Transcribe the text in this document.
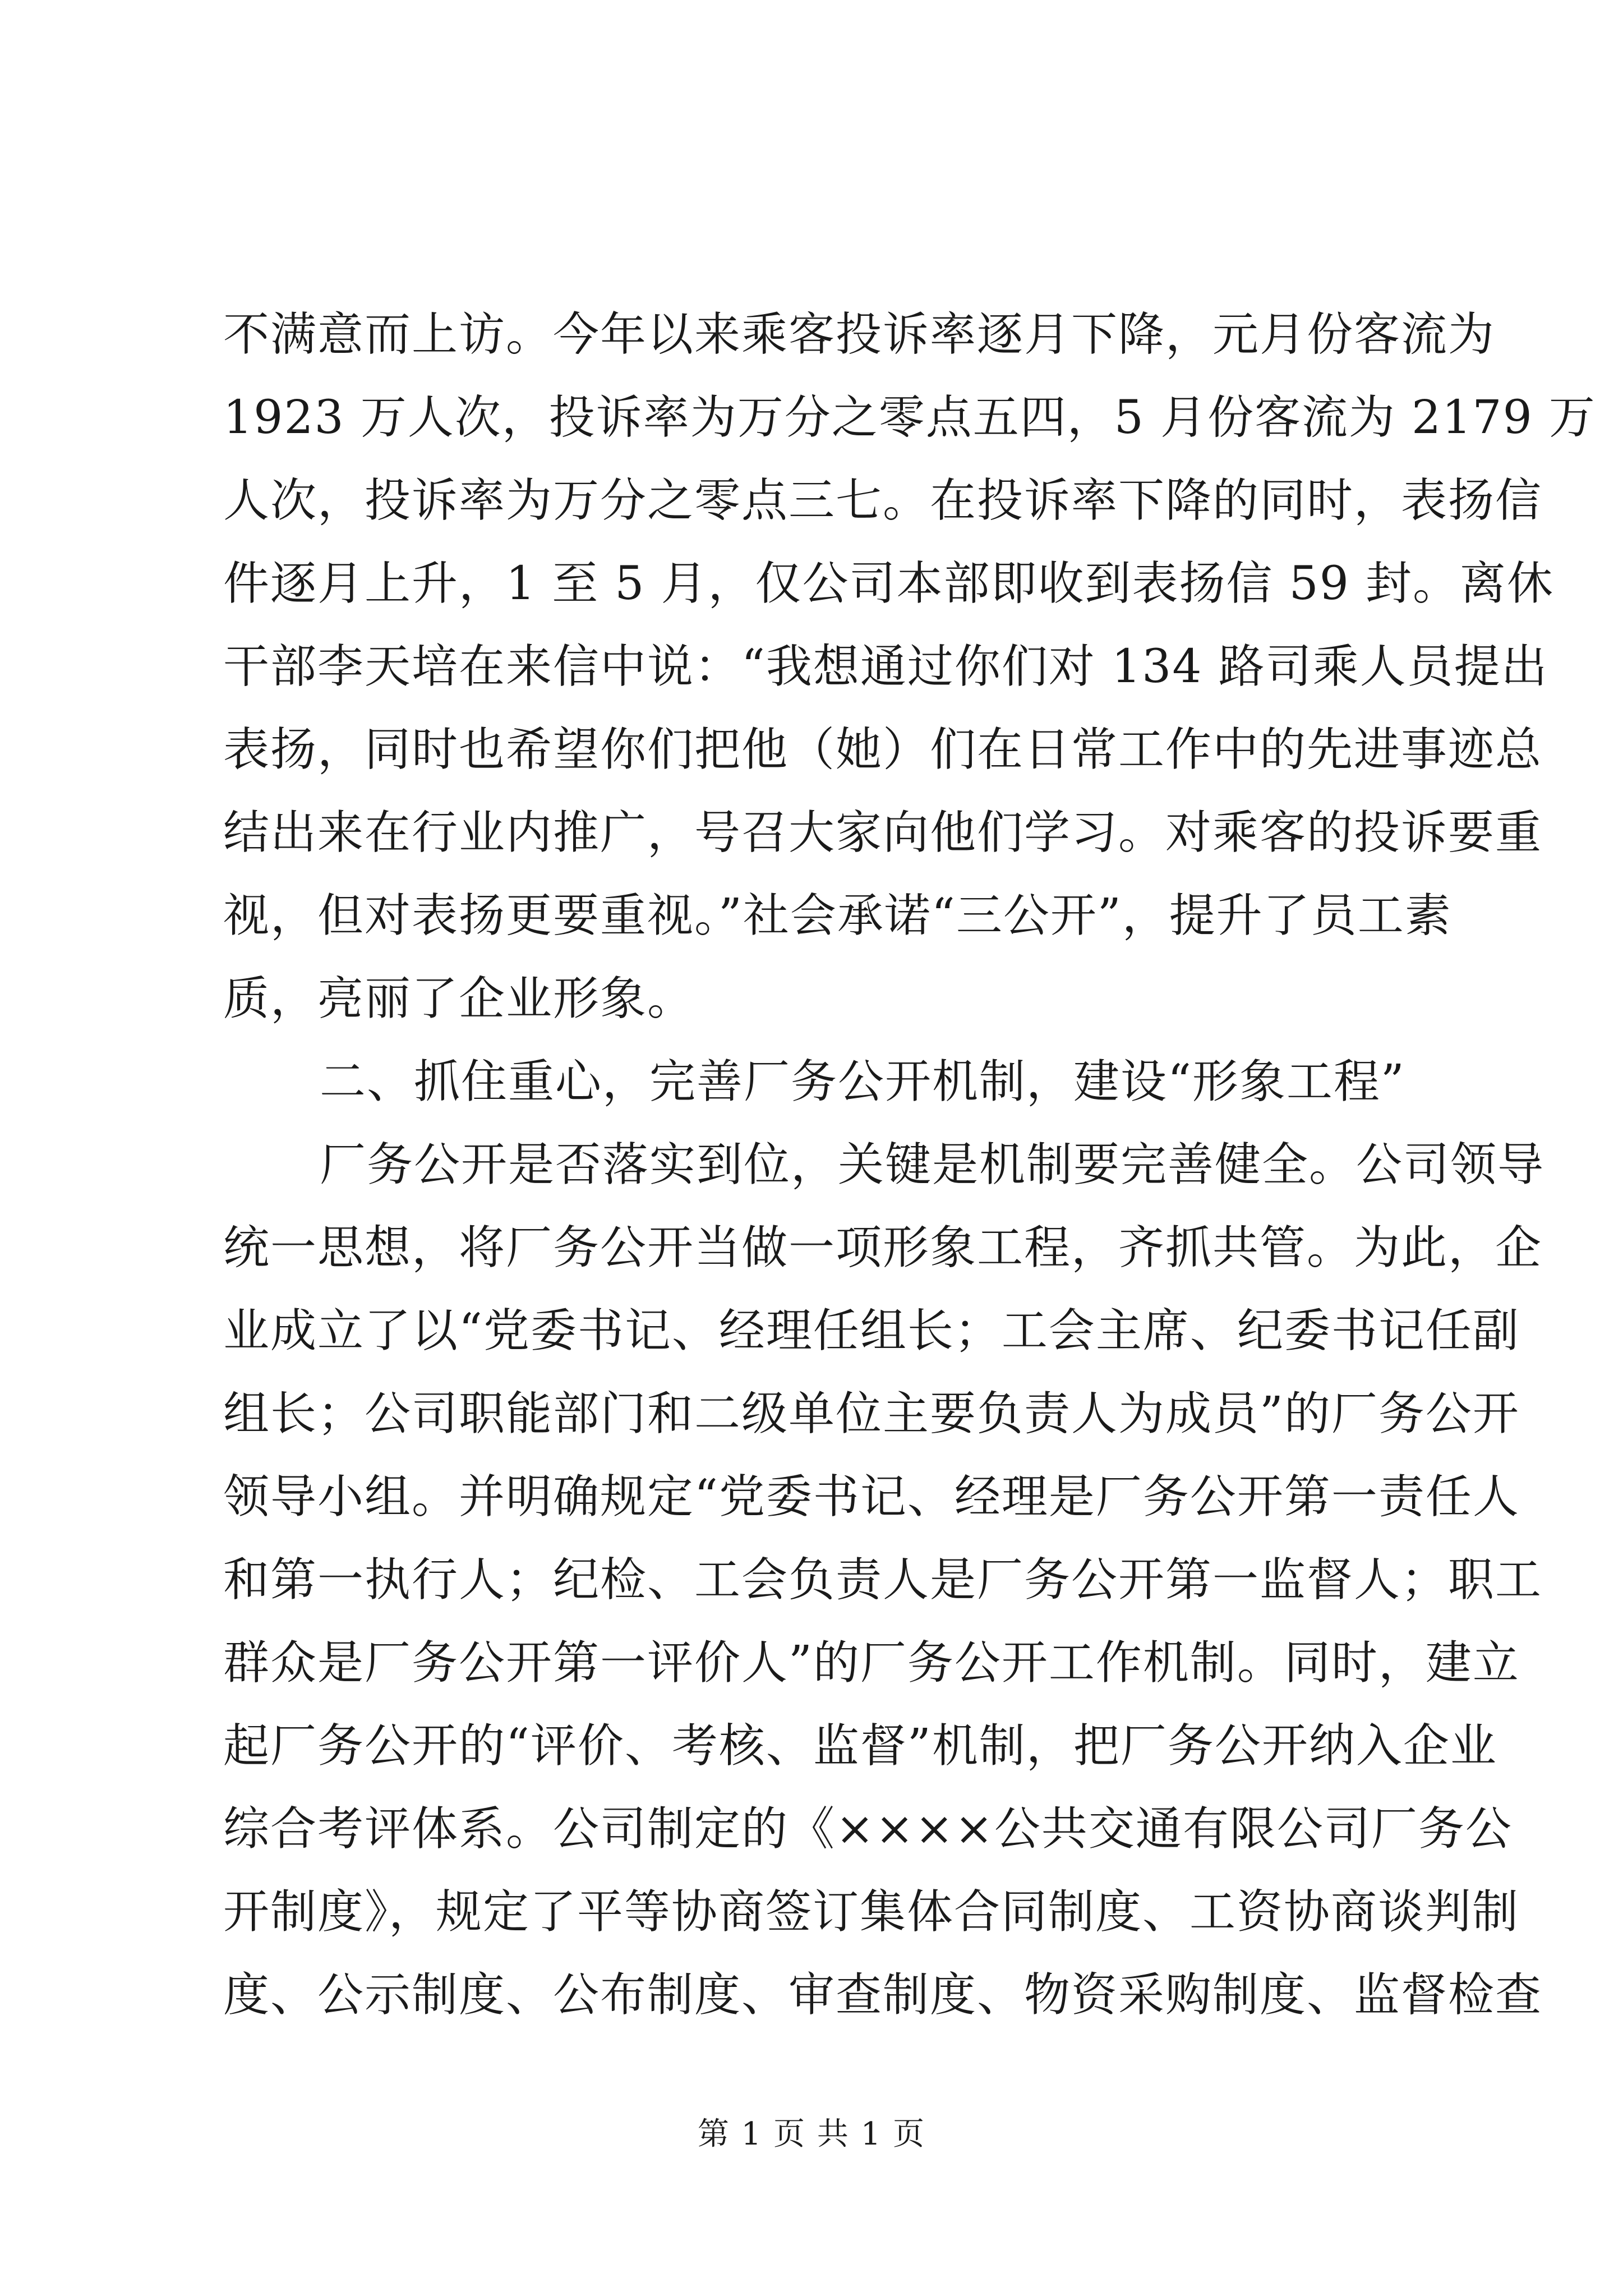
不满意而上访。今年以来乘客投诉率逐月下降，元月份客流为
1923 万人次，投诉率为万分之零点五四，5 月份客流为 2179 万
人次，投诉率为万分之零点三七。在投诉率下降的同时，表扬信
件逐月上升，1 至 5 月，仅公司本部即收到表扬信 59 封。离休
干部李天培在来信中说：“我想通过你们对 134 路司乘人员提出
表扬，同时也希望你们把他（她）们在日常工作中的先进事迹总
结出来在行业内推广，号召大家向他们学习。对乘客的投诉要重
视，但对表扬更要重视。”社会承诺“三公开”，提升了员工素
质，亮丽了企业形象。
二、抓住重心，完善厂务公开机制，建设“形象工程”
厂务公开是否落实到位，关键是机制要完善健全。公司领导
统一思想，将厂务公开当做一项形象工程，齐抓共管。为此，企
业成立了以“党委书记、经理任组长；工会主席、纪委书记任副
组长；公司职能部门和二级单位主要负责人为成员”的厂务公开
领导小组。并明确规定“党委书记、经理是厂务公开第一责任人
和第一执行人；纪检、工会负责人是厂务公开第一监督人；职工
群众是厂务公开第一评价人”的厂务公开工作机制。同时，建立
起厂务公开的“评价、考核、监督”机制，把厂务公开纳入企业
综合考评体系。公司制定的《××××公共交通有限公司厂务公
开制度》，规定了平等协商签订集体合同制度、工资协商谈判制
度、公示制度、公布制度、审查制度、物资采购制度、监督检查
第 1 页 共 1 页
